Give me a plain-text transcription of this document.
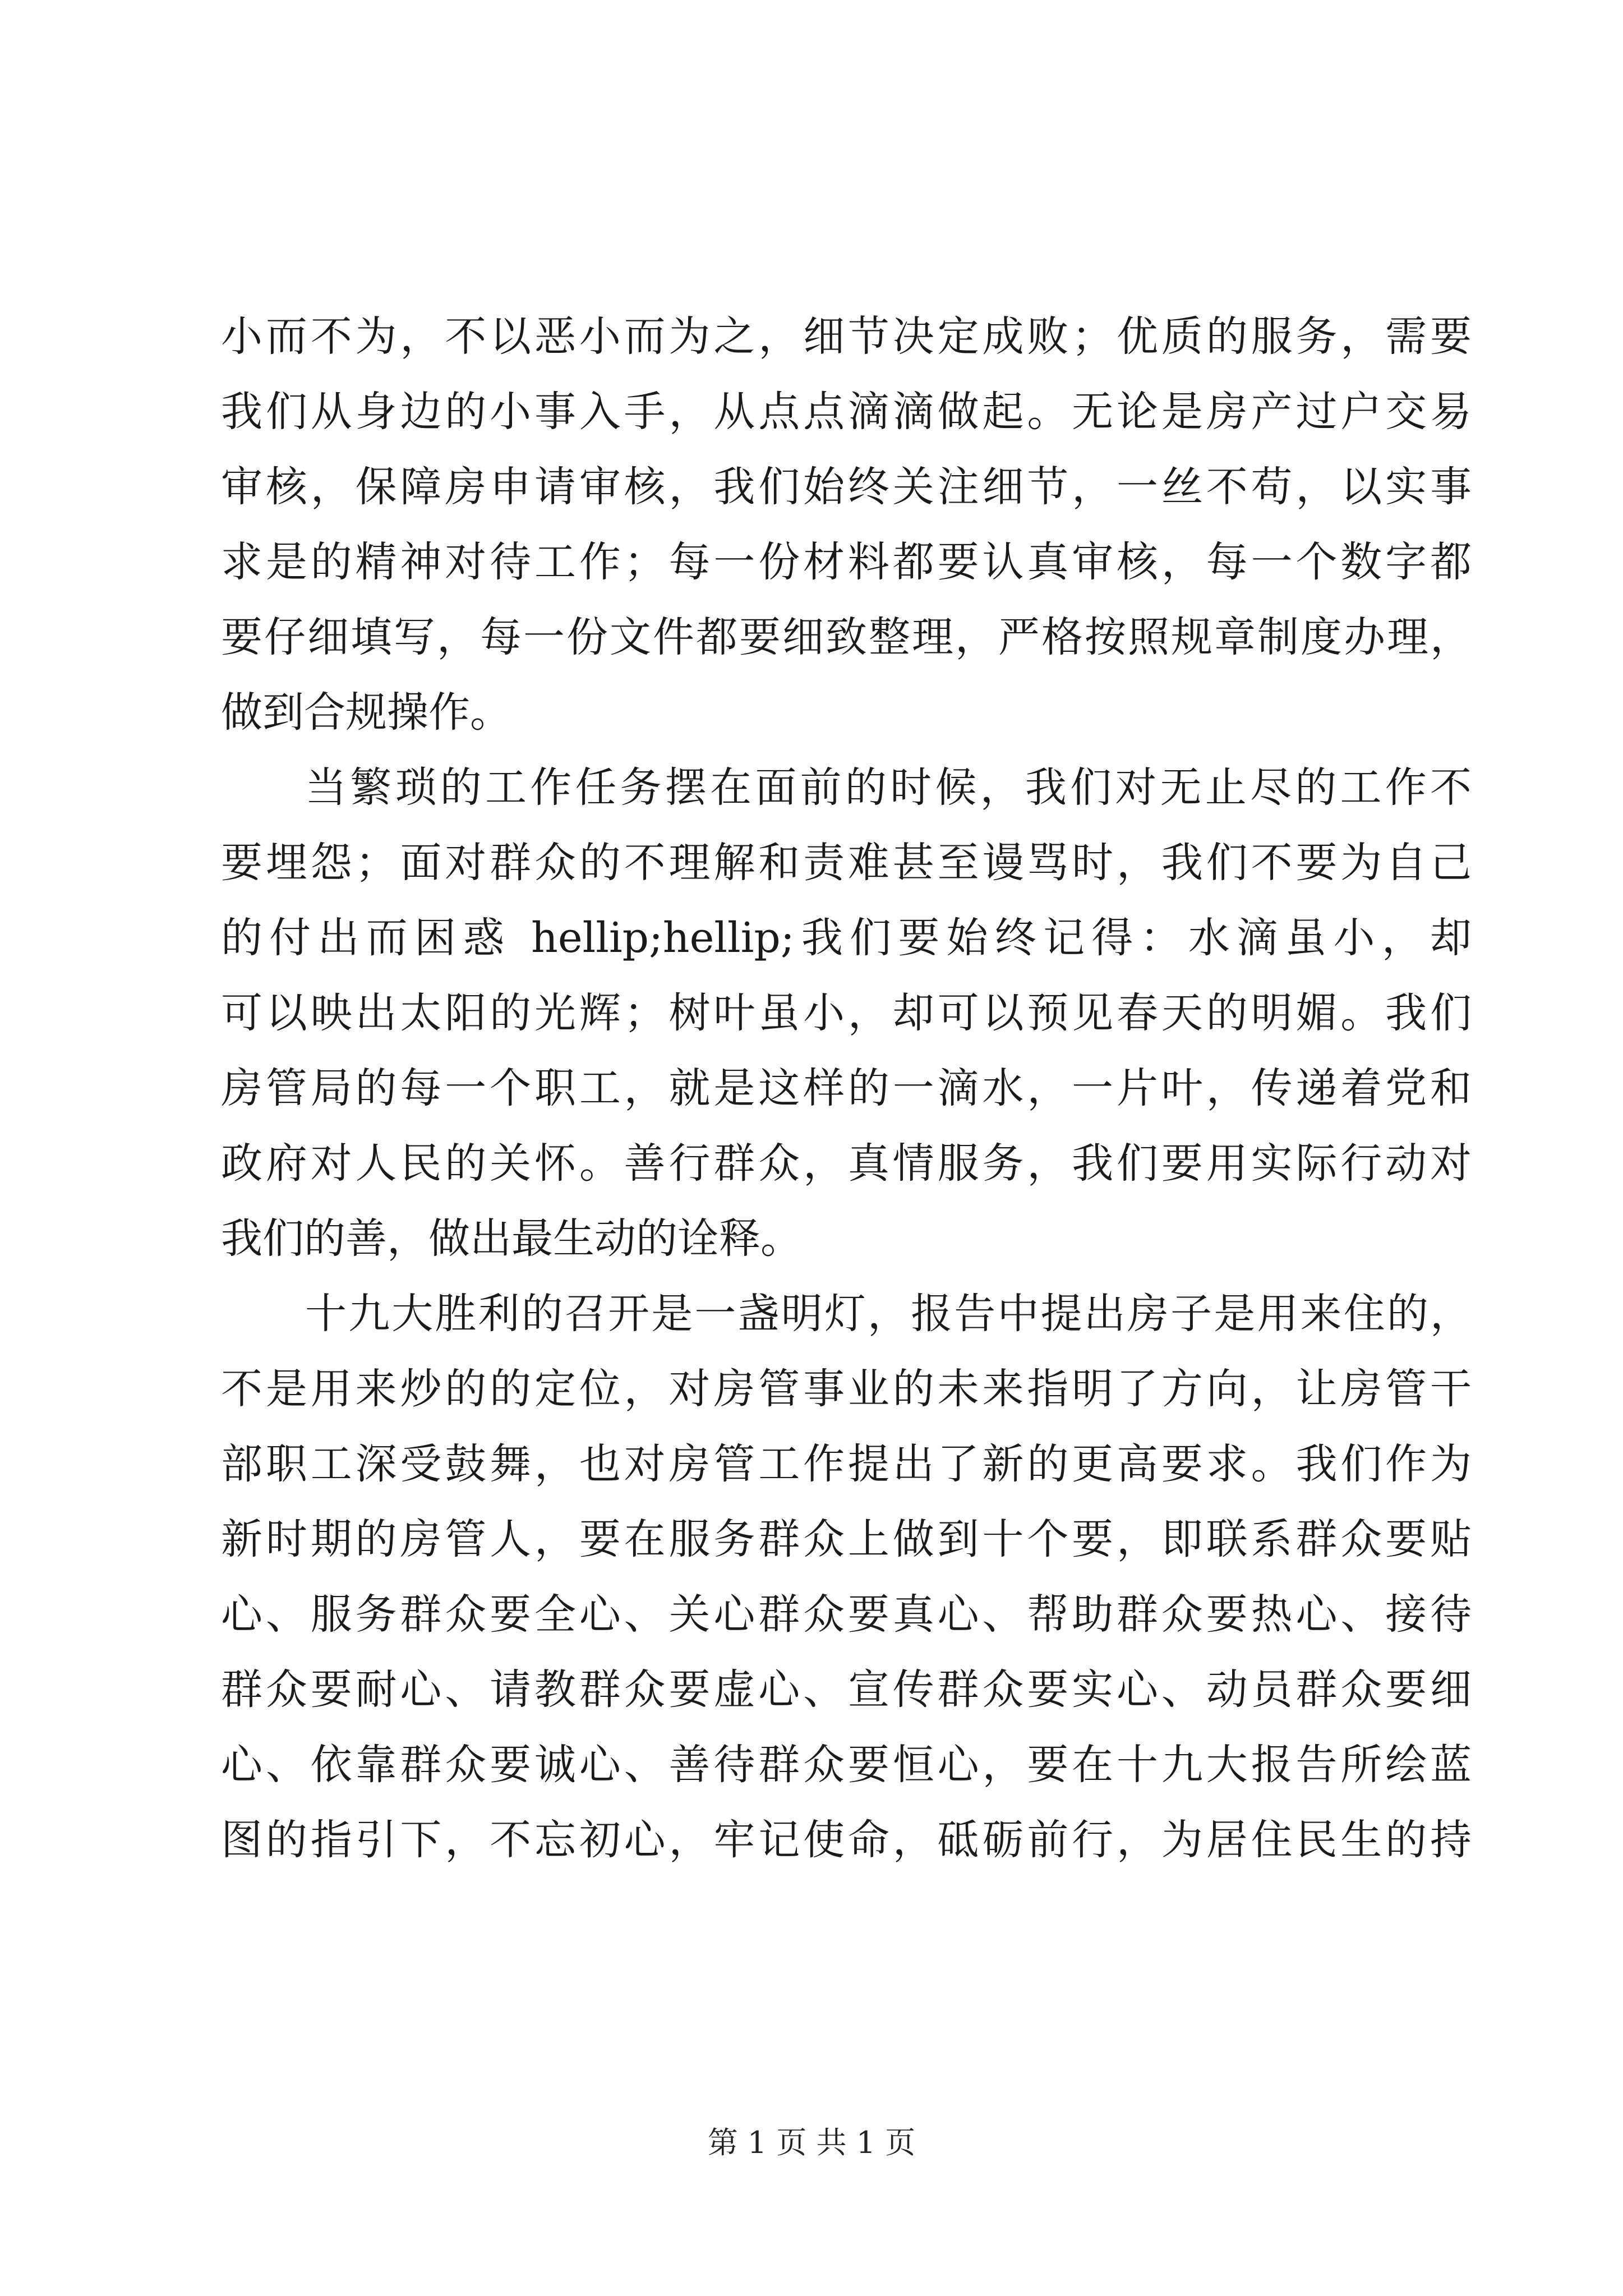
小而不为，不以恶小而为之，细节决定成败；优质的服务，需要
我们从身边的小事入手，从点点滴滴做起。无论是房产过户交易
审核，保障房申请审核，我们始终关注细节，一丝不苟，以实事
求是的精神对待工作；每一份材料都要认真审核，每一个数字都
要仔细填写，每一份文件都要细致整理，严格按照规章制度办理，
做到合规操作。
当繁琐的工作任务摆在面前的时候，我们对无止尽的工作不
要埋怨；面对群众的不理解和责难甚至谩骂时，我们不要为自己
的付出而困惑 hellip;hellip;我们要始终记得：水滴虽小，却
可以映出太阳的光辉；树叶虽小，却可以预见春天的明媚。我们
房管局的每一个职工，就是这样的一滴水，一片叶，传递着党和
政府对人民的关怀。善行群众，真情服务，我们要用实际行动对
我们的善，做出最生动的诠释。
十九大胜利的召开是一盏明灯，报告中提出房子是用来住的，
不是用来炒的的定位，对房管事业的未来指明了方向，让房管干
部职工深受鼓舞，也对房管工作提出了新的更高要求。我们作为
新时期的房管人，要在服务群众上做到十个要，即联系群众要贴
心、服务群众要全心、关心群众要真心、帮助群众要热心、接待
群众要耐心、请教群众要虚心、宣传群众要实心、动员群众要细
心、依靠群众要诚心、善待群众要恒心，要在十九大报告所绘蓝
图的指引下，不忘初心，牢记使命，砥砺前行，为居住民生的持
第 1 页 共 1 页
